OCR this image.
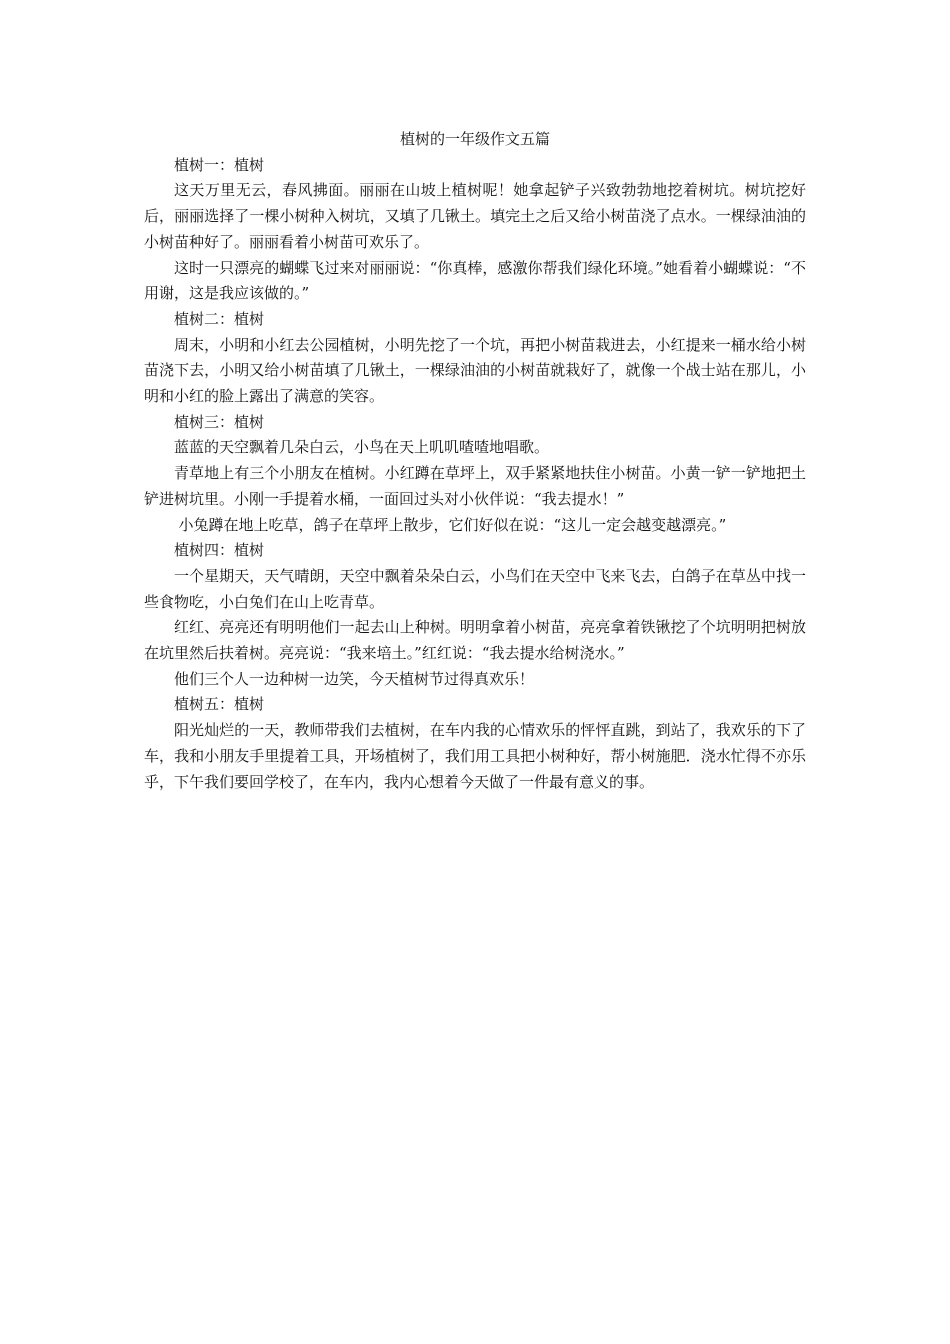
植树的一年级作文五篇

植树一：植树

这天万里无云，春风拂面。丽丽在山坡上植树呢！她拿起铲子兴致勃勃地挖着树坑。树坑挖好后，丽丽选择了一棵小树种入树坑，又填了几锹土。填完土之后又给小树苗浇了点水。一棵绿油油的小树苗种好了。丽丽看着小树苗可欢乐了。

这时一只漂亮的蝴蝶飞过来对丽丽说：“你真棒，感激你帮我们绿化环境。”她看着小蝴蝶说：“不用谢，这是我应该做的。”

植树二：植树

周末，小明和小红去公园植树，小明先挖了一个坑，再把小树苗栽进去，小红提来一桶水给小树苗浇下去，小明又给小树苗填了几锹土，一棵绿油油的小树苗就栽好了，就像一个战士站在那儿，小明和小红的脸上露出了满意的笑容。

植树三：植树

蓝蓝的天空飘着几朵白云，小鸟在天上叽叽喳喳地唱歌。

青草地上有三个小朋友在植树。小红蹲在草坪上，双手紧紧地扶住小树苗。小黄一铲一铲地把土铲进树坑里。小刚一手提着水桶，一面回过头对小伙伴说：“我去提水！”

小兔蹲在地上吃草，鸽子在草坪上散步，它们好似在说：“这儿一定会越变越漂亮。”

植树四：植树

一个星期天，天气晴朗，天空中飘着朵朵白云，小鸟们在天空中飞来飞去，白鸽子在草丛中找一些食物吃，小白兔们在山上吃青草。

红红、亮亮还有明明他们一起去山上种树。明明拿着小树苗，亮亮拿着铁锹挖了个坑明明把树放在坑里然后扶着树。亮亮说：“我来培土。”红红说：“我去提水给树浇水。”

他们三个人一边种树一边笑，今天植树节过得真欢乐！

植树五：植树

阳光灿烂的一天，教师带我们去植树，在车内我的心情欢乐的怦怦直跳，到站了，我欢乐的下了车，我和小朋友手里提着工具，开场植树了，我们用工具把小树种好，帮小树施肥．浇水忙得不亦乐乎，下午我们要回学校了，在车内，我内心想着今天做了一件最有意义的事。
